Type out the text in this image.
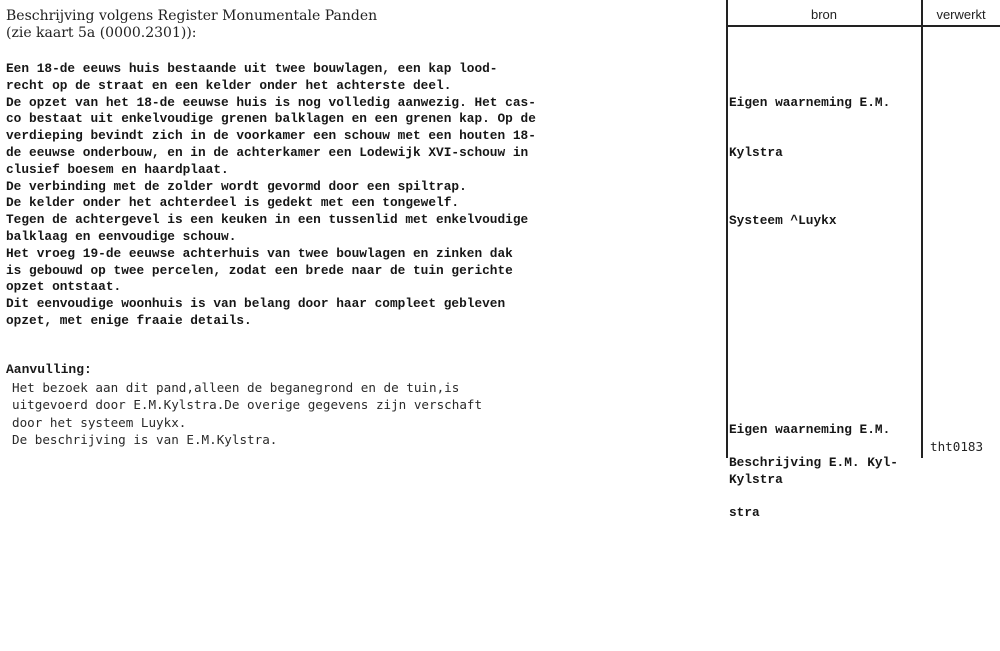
Beschrijving volgens Register Monumentale Panden
(zie kaart 5a (0000.2301)):
Een 18-de eeuws huis bestaande uit twee bouwlagen, een kap lood-
recht op de straat en een kelder onder het achterste deel.
De opzet van het 18-de eeuwse huis is nog volledig aanwezig. Het cas-
co bestaat uit enkelvoudige grenen balklagen en een grenen kap. Op de
verdieping bevindt zich in de voorkamer een schouw met een houten 18-
de eeuwse onderbouw, en in de achterkamer een Lodewijk XVI-schouw in
clusief boesem en haardplaat.
De verbinding met de zolder wordt gevormd door een spiltrap.
De kelder onder het achterdeel is gedekt met een tongewelf.
Tegen de achtergevel is een keuken in een tussenlid met enkelvoudige
balklaag en eenvoudige schouw.
Het vroeg 19-de eeuwse achterhuis van twee bouwlagen en zinken dak
is gebouwd op twee percelen, zodat een brede naar de tuin gerichte
opzet ontstaat.
Dit eenvoudige woonhuis is van belang door haar compleet gebleven
opzet, met enige fraaie details.
Aanvulling:
Het bezoek aan dit pand,alleen de beganegrond en de tuin,is
uitgevoerd door E.M.Kylstra.De overige gegevens zijn verschaft
door het systeem Luykx.
De beschrijving is van E.M.Kylstra.
bron	verwerkt

Eigen waarneming E.M.

Kylstra

Systeem ^Luykx

Eigen waarneming E.M.

Kylstra

Beschrijving E.M. Kyl-

stra

tht0183
